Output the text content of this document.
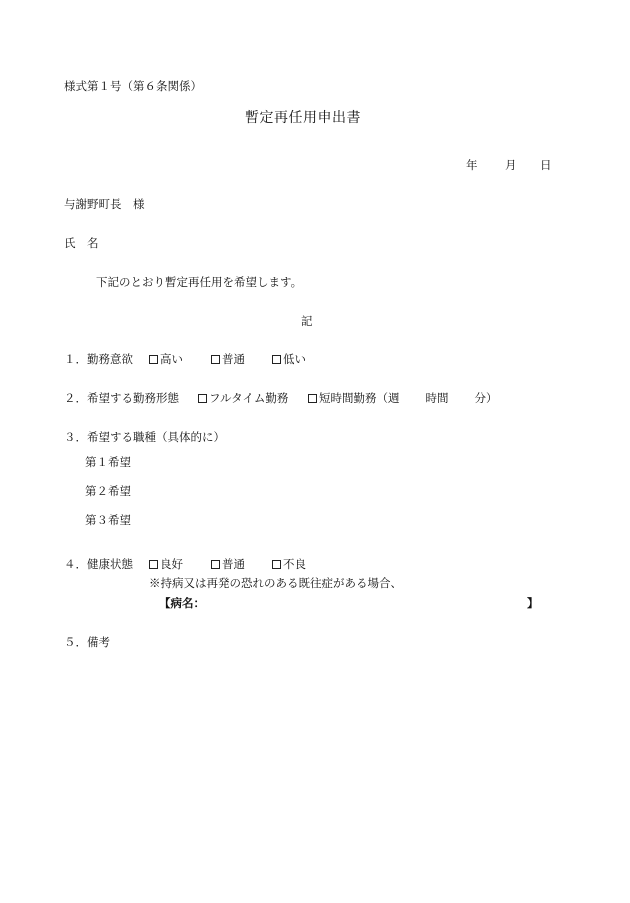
様式第１号（第６条関係）
暫定再任用申出書
年 月 日
与謝野町長　様
氏　名
下記のとおり暫定再任用を希望します。
記
１．勤務意欲	高い	普通	低い
２．希望する勤務形態	フルタイム勤務	短時間勤務（週 時間 分）
３．希望する職種（具体的に）
第１希望
第２希望
第３希望
４．健康状態	良好	普通	不良
※持病又は再発の恐れのある既往症がある場合、
【病名：	】
５．備考
